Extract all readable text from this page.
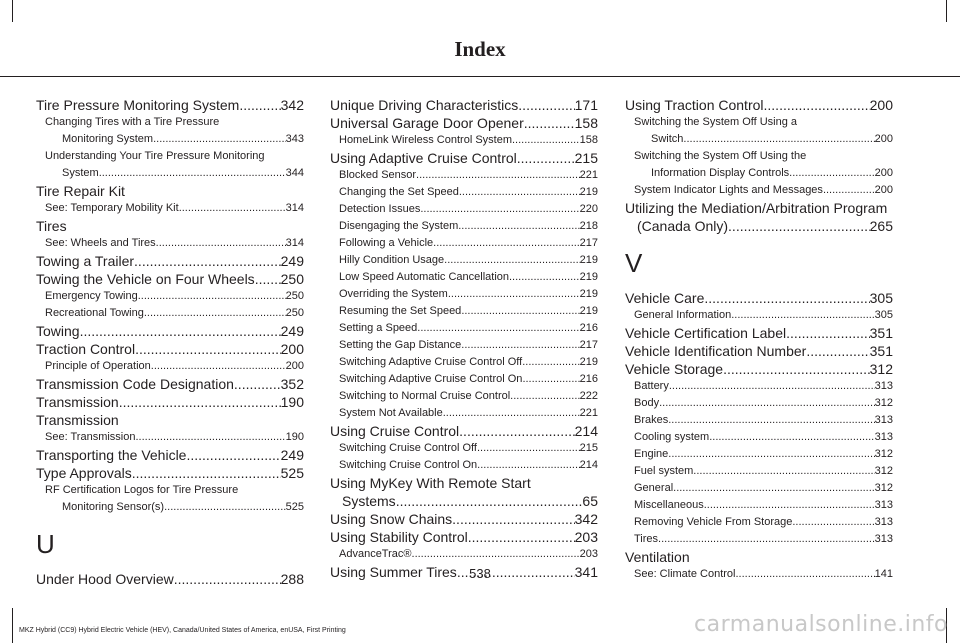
Index
Tire Pressure Monitoring System .....	342
Changing Tires with a Tire Pressure
Monitoring System .....	343
Understanding Your Tire Pressure Monitoring
System .....	344
Tire Repair Kit
See: Temporary Mobility Kit .....	314
Tires
See: Wheels and Tires .....	314
Towing a Trailer .....	249
Towing the Vehicle on Four Wheels ..... 250
Emergency Towing .....	250
Recreational Towing .....	250
Towing .....	249
Traction Control .....	200
Principle of Operation .....	200
Transmission Code Designation .....	352
Transmission .....	190
Transmission
See: Transmission .....	190
Transporting the Vehicle .....	249
Type Approvals .....	525
RF Certification Logos for Tire Pressure
Monitoring Sensor(s) .....	525
U
Under Hood Overview .....	288
Unique Driving Characteristics .....	171
Universal Garage Door Opener .....	158
HomeLink Wireless Control System .....	158
Using Adaptive Cruise Control .....	215
Blocked Sensor .....	221
Changing the Set Speed .....	219
Detection Issues .....	220
Disengaging the System .....	218
Following a Vehicle .....	217
Hilly Condition Usage .....	219
Low Speed Automatic Cancellation .....	219
Overriding the System .....	219
Resuming the Set Speed .....	219
Setting a Speed .....	216
Setting the Gap Distance .....	217
Switching Adaptive Cruise Control Off .....	219
Switching Adaptive Cruise Control On .....	216
Switching to Normal Cruise Control .....	222
System Not Available .....	221
Using Cruise Control .....	214
Switching Cruise Control Off .....	215
Switching Cruise Control On .....	214
Using MyKey With Remote Start
Systems .....	65
Using Snow Chains .....	342
Using Stability Control .....	203
AdvanceTrac® .....	203
Using Summer Tires .....	341
Using Traction Control .....	200
Switching the System Off Using a
Switch .....	200
Switching the System Off Using the
Information Display Controls .....	200
System Indicator Lights and Messages .....	200
Utilizing the Mediation/Arbitration Program
(Canada Only) .....	265
V
Vehicle Care .....	305
General Information .....	305
Vehicle Certification Label .....	351
Vehicle Identification Number .....	351
Vehicle Storage .....	312
Battery .....	313
Body .....	312
Brakes .....	313
Cooling system .....	313
Engine .....	312
Fuel system .....	312
General .....	312
Miscellaneous .....	313
Removing Vehicle From Storage .....	313
Tires .....	313
Ventilation
See: Climate Control .....	141
538
MKZ Hybrid (CC9) Hybrid Electric Vehicle (HEV), Canada/United States of America, enUSA, First Printing	carmanualsonline.info
